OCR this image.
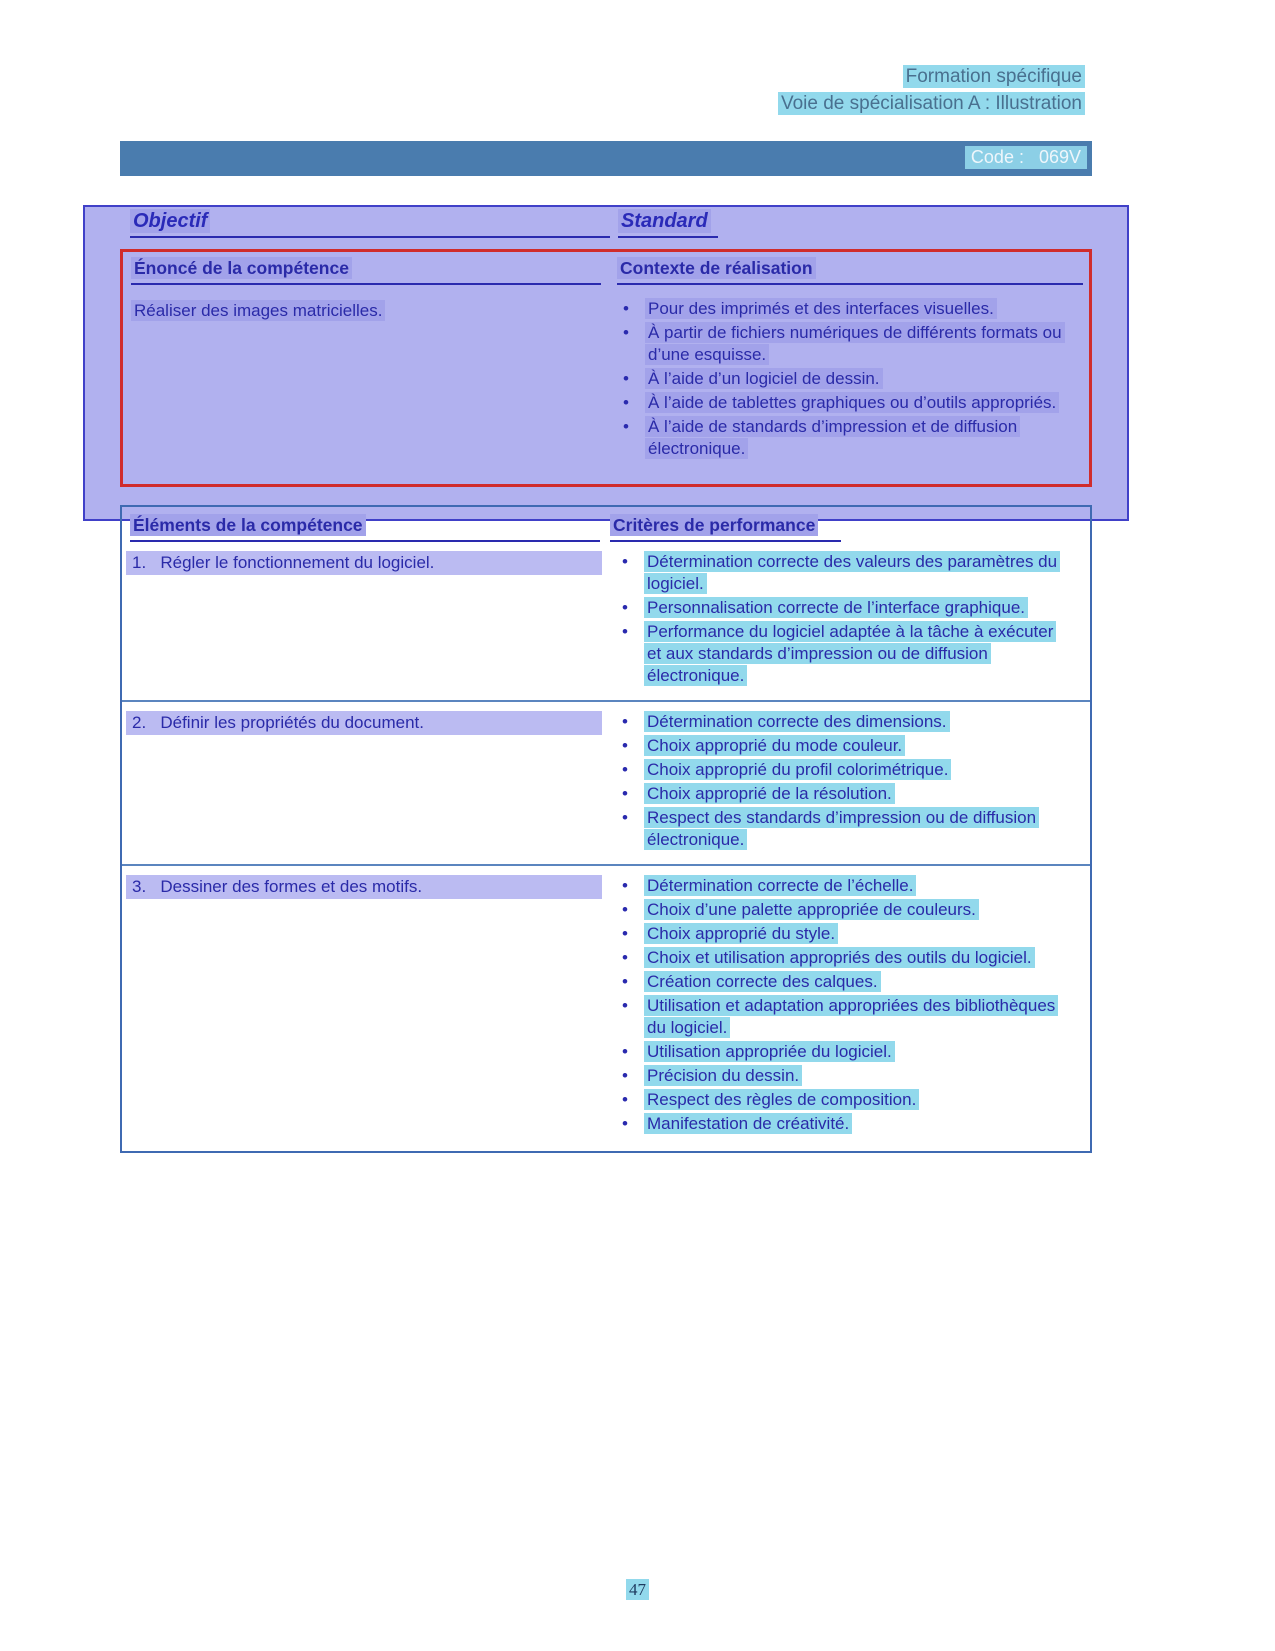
Formation spécifique
Voie de spécialisation A : Illustration
Code :   069V
Objectif	Standard
Énoncé de la compétence	Contexte de réalisation
Réaliser des images matricielles.	• Pour des imprimés et des interfaces visuelles.
• À partir de fichiers numériques de différents formats ou d’une esquisse.
• À l’aide d’un logiciel de dessin.
• À l’aide de tablettes graphiques ou d’outils appropriés.
• À l’aide de standards d’impression et de diffusion électronique.
Éléments de la compétence	Critères de performance
1.   Régler le fonctionnement du logiciel.	• Détermination correcte des valeurs des paramètres du logiciel.
• Personnalisation correcte de l’interface graphique.
• Performance du logiciel adaptée à la tâche à exécuter et aux standards d’impression ou de diffusion électronique.
2.   Définir les propriétés du document.	• Détermination correcte des dimensions.
• Choix approprié du mode couleur.
• Choix approprié du profil colorimétrique.
• Choix approprié de la résolution.
• Respect des standards d’impression ou de diffusion électronique.
3.   Dessiner des formes et des motifs.	• Détermination correcte de l’échelle.
• Choix d’une palette appropriée de couleurs.
• Choix approprié du style.
• Choix et utilisation appropriés des outils du logiciel.
• Création correcte des calques.
• Utilisation et adaptation appropriées des bibliothèques du logiciel.
• Utilisation appropriée du logiciel.
• Précision du dessin.
• Respect des règles de composition.
• Manifestation de créativité.
47
